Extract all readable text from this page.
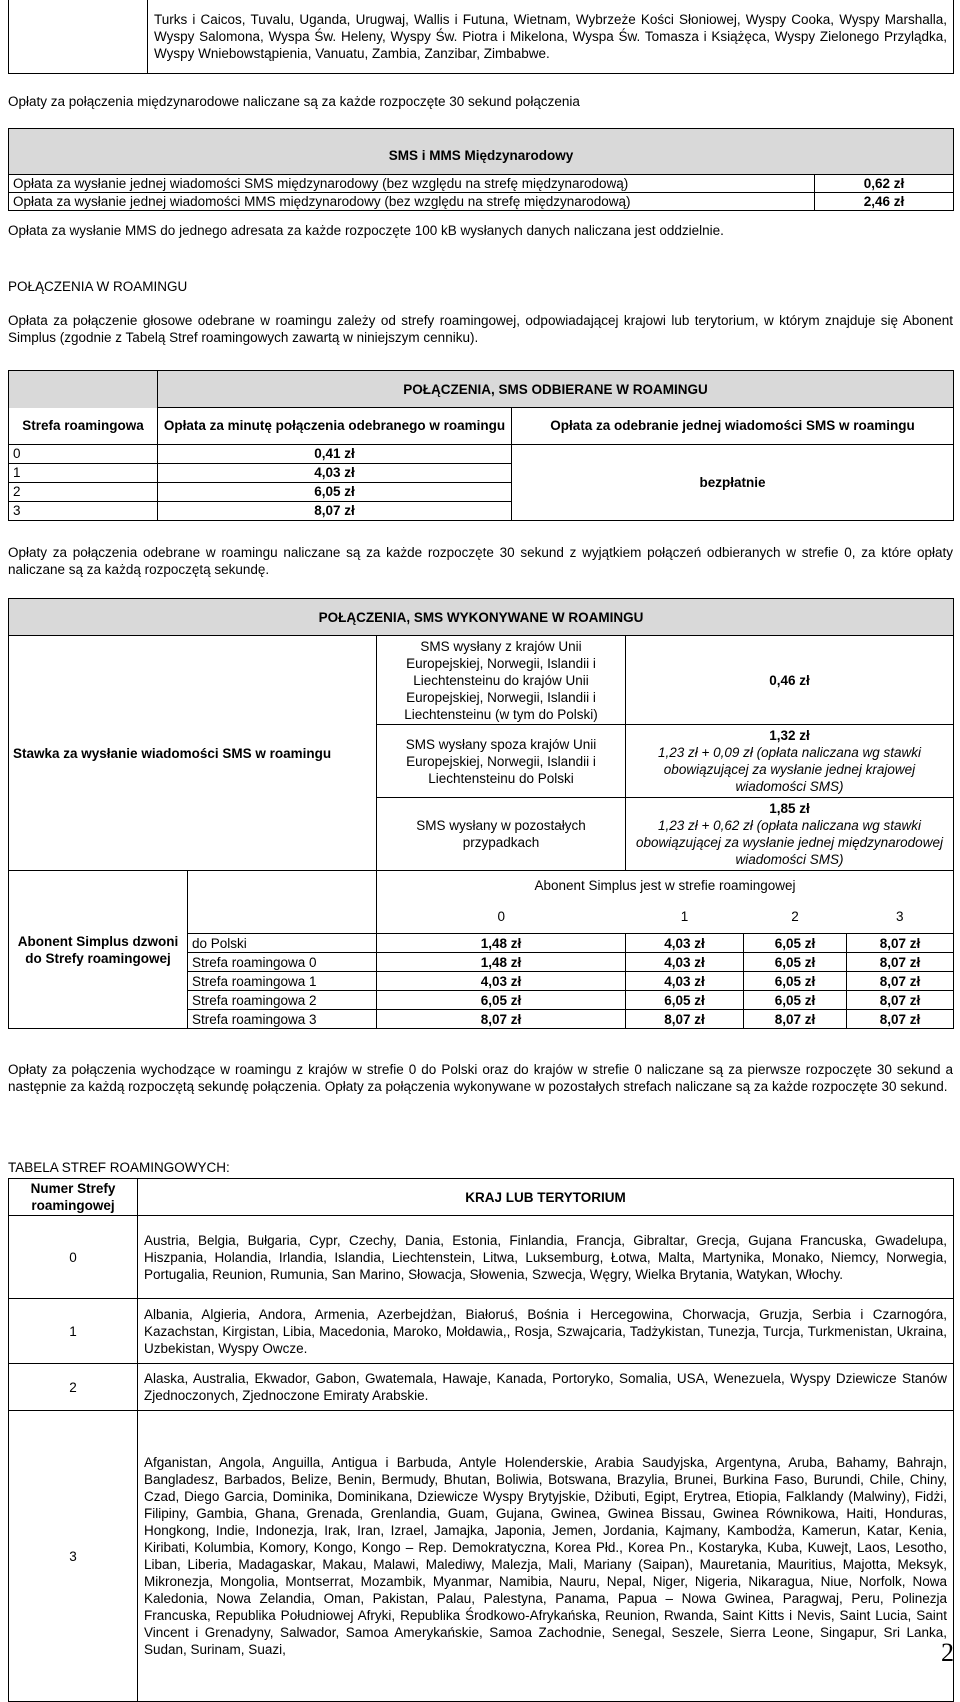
	Turks i Caicos, Tuvalu, Uganda, Urugwaj, Wallis i Futuna, Wietnam, Wybrzeże Kości Słoniowej, Wyspy Cooka, Wyspy Marshalla, Wyspy Salomona, Wyspa Św. Heleny, Wyspy Św. Piotra i Mikelona, Wyspa Św. Tomasza i Książęca, Wyspy Zielonego Przylądka, Wyspy Wniebowstąpienia, Vanuatu, Zambia, Zanzibar, Zimbabwe.
Opłaty za połączenia międzynarodowe naliczane są za każde rozpoczęte 30 sekund połączenia
SMS i MMS Międzynarodowy	
Opłata za wysłanie jednej wiadomości SMS międzynarodowy (bez względu na strefę międzynarodową)	0,62 zł
Opłata za wysłanie jednej wiadomości MMS międzynarodowy (bez względu na strefę międzynarodową)	2,46 zł
Opłata za wysłanie MMS do jednego adresata za każde rozpoczęte 100 kB wysłanych danych naliczana jest oddzielnie.
POŁĄCZENIA W ROAMINGU
Opłata za połączenie głosowe odebrane w roamingu zależy od strefy roamingowej, odpowiadającej krajowi lub terytorium, w którym znajduje się Abonent Simplus (zgodnie z Tabelą Stref roamingowych zawartą w niniejszym cenniku).
	POŁĄCZENIA, SMS ODBIERANE W ROAMINGU	
Strefa roamingowa	Opłata za minutę połączenia odebranego w roamingu	Opłata za odebranie jednej wiadomości SMS w roamingu
0	0,41 zł	bezpłatnie
1	4,03 zł	
2	6,05 zł	
3	8,07 zł	
Opłaty za połączenia odebrane w roamingu naliczane są za każde rozpoczęte 30 sekund z wyjątkiem połączeń odbieranych w strefie 0, za które opłaty naliczane są za każdą rozpoczętą sekundę.
POŁĄCZENIA, SMS WYKONYWANE W ROAMINGU					
Stawka za wysłanie wiadomości SMS w roamingu		SMS wysłany z krajów Unii Europejskiej, Norwegii, Islandii i Liechtensteinu do krajów Unii Europejskiej, Norwegii, Islandii i Liechtensteinu (w tym do Polski)	0,46 zł		
		SMS wysłany spoza krajów Unii Europejskiej, Norwegii, Islandii i Liechtensteinu do Polski	1,32 zł
1,23 zł + 0,09 zł (opłata naliczana wg stawki obowiązującej za wysłanie jednej krajowej wiadomości SMS)		

		SMS wysłany w pozostałych przypadkach	1,85 zł
1,23 zł + 0,62 zł (opłata naliczana wg stawki obowiązującej za wysłanie jednej międzynarodowej wiadomości SMS)		

Abonent Simplus dzwoni do Strefy roamingowej		Abonent Simplus jest w strefie roamingowej			
		0	1	2	3
	do Polski	1,48 zł	4,03 zł	6,05 zł	8,07 zł
	Strefa roamingowa 0	1,48 zł	4,03 zł	6,05 zł	8,07 zł
	Strefa roamingowa 1	4,03 zł	4,03 zł	6,05 zł	8,07 zł
	Strefa roamingowa 2	6,05 zł	6,05 zł	6,05 zł	8,07 zł
	Strefa roamingowa 3	8,07 zł	8,07 zł	8,07 zł	8,07 zł
Opłaty za połączenia wychodzące w roamingu z krajów w strefie 0 do Polski oraz do krajów w strefie 0 naliczane są za pierwsze rozpoczęte 30 sekund a następnie za każdą rozpoczętą sekundę połączenia. Opłaty za połączenia wykonywane w pozostałych strefach naliczane są za każde rozpoczęte 30 sekund.
TABELA STREF ROAMINGOWYCH:
Numer Strefy roamingowej	KRAJ LUB TERYTORIUM
0	Austria, Belgia, Bułgaria, Cypr, Czechy, Dania, Estonia, Finlandia, Francja, Gibraltar, Grecja, Gujana Francuska, Gwadelupa, Hiszpania, Holandia, Irlandia, Islandia, Liechtenstein, Litwa, Luksemburg, Łotwa, Malta, Martynika, Monako, Niemcy, Norwegia, Portugalia, Reunion, Rumunia, San Marino, Słowacja, Słowenia, Szwecja, Węgry, Wielka Brytania, Watykan, Włochy.
1	Albania, Algieria, Andora, Armenia, Azerbejdżan, Białoruś, Bośnia i Hercegowina, Chorwacja, Gruzja, Serbia i Czarnogóra, Kazachstan, Kirgistan, Libia, Macedonia, Maroko, Mołdawia,, Rosja, Szwajcaria, Tadżykistan, Tunezja, Turcja, Turkmenistan, Ukraina, Uzbekistan, Wyspy Owcze.
2	Alaska, Australia, Ekwador, Gabon, Gwatemala, Hawaje, Kanada, Portoryko, Somalia, USA, Wenezuela, Wyspy Dziewicze Stanów Zjednoczonych, Zjednoczone Emiraty Arabskie.
3	Afganistan, Angola, Anguilla, Antigua i Barbuda, Antyle Holenderskie, Arabia Saudyjska, Argentyna, Aruba, Bahamy, Bahrajn, Bangladesz, Barbados, Belize, Benin, Bermudy, Bhutan, Boliwia, Botswana, Brazylia, Brunei, Burkina Faso, Burundi, Chile, Chiny, Czad, Diego Garcia, Dominika, Dominikana, Dziewicze Wyspy Brytyjskie, Dżibuti, Egipt, Erytrea, Etiopia, Falklandy (Malwiny), Fidżi, Filipiny, Gambia, Ghana, Grenada, Grenlandia, Guam, Gujana, Gwinea, Gwinea Bissau, Gwinea Równikowa, Haiti, Honduras, Hongkong, Indie, Indonezja, Irak, Iran, Izrael, Jamajka, Japonia, Jemen, Jordania, Kajmany, Kambodża, Kamerun, Katar, Kenia, Kiribati, Kolumbia, Komory, Kongo, Kongo – Rep. Demokratyczna, Korea Płd., Korea Pn., Kostaryka, Kuba, Kuwejt, Laos, Lesotho, Liban, Liberia, Madagaskar, Makau, Malawi, Malediwy, Malezja, Mali, Mariany (Saipan), Mauretania, Mauritius, Majotta, Meksyk, Mikronezja, Mongolia, Montserrat, Mozambik, Myanmar, Namibia, Nauru, Nepal, Niger, Nigeria, Nikaragua, Niue, Norfolk, Nowa Kaledonia, Nowa Zelandia, Oman, Pakistan, Palau, Palestyna, Panama, Papua – Nowa Gwinea, Paragwaj, Peru, Polinezja Francuska, Republika Południowej Afryki, Republika Środkowo-Afrykańska, Reunion, Rwanda, Saint Kitts i Nevis, Saint Lucia, Saint Vincent i Grenadyny, Salwador, Samoa Amerykańskie, Samoa Zachodnie, Senegal, Seszele, Sierra Leone, Singapur, Sri Lanka, Sudan, Surinam, Suazi,	2
